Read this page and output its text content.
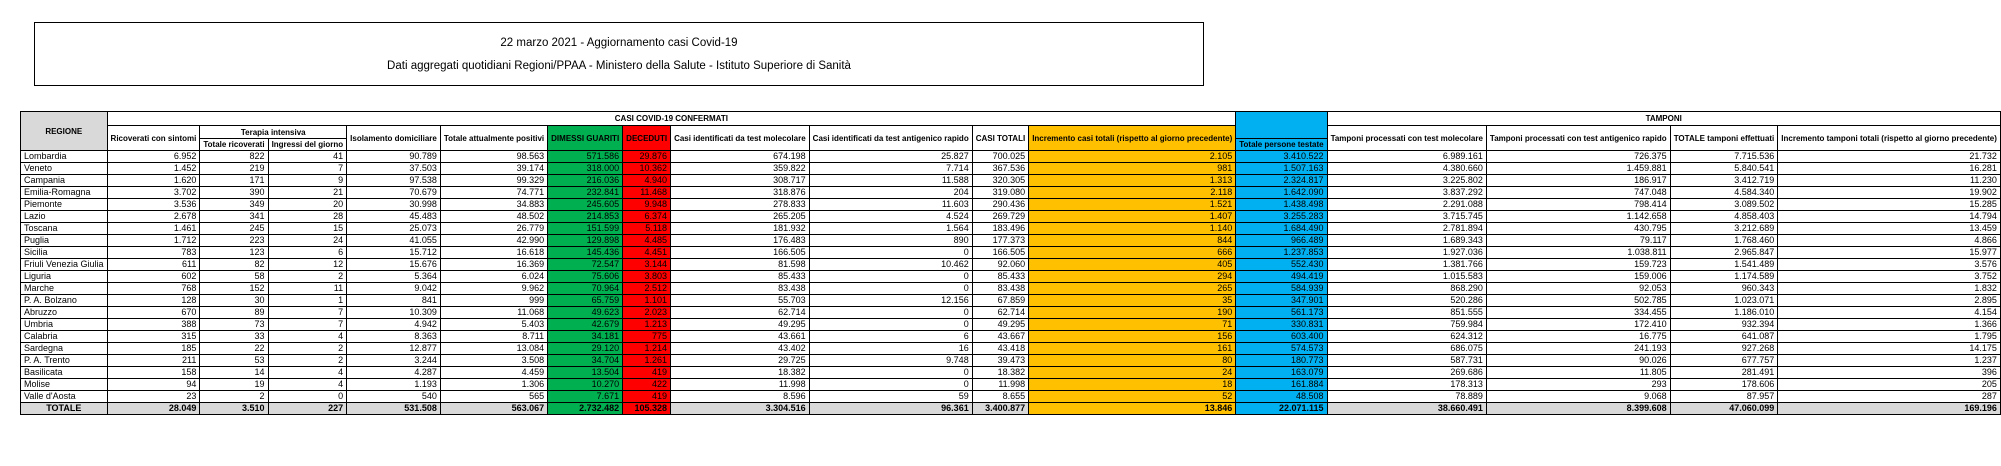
22 marzo 2021 - Aggiornamento casi Covid-19
Dati aggregati quotidiani Regioni/PPAA - Ministero della Salute - Istituto Superiore di Sanità
REGIONE	CASI COVID-19 CONFERMATI												TAMPONI			
	Ricoverati con sintomi	Terapia intensiva		Isolamento domiciliare	Totale attualmente positivi	DIMESSI GUARITI	DECEDUTI	Casi identificati da test molecolare	Casi identificati da test antigenico rapido	CASI TOTALI	Incremento casi totali (rispetto al giorno precedente)		Tamponi processati con test molecolare	Tamponi processati con test antigenico rapido	TOTALE tamponi effettuati	Incremento tamponi totali (rispetto al giorno precedente)
		Totale ricoverati	Ingressi del giorno									Totale persone testate				
Lombardia	6.952	822	41	90.789	98.563	571.586	29.876	674.198	25.827	700.025	2.105	3.410.522	6.989.161	726.375	7.715.536	21.732
Veneto	1.452	219	7	37.503	39.174	318.000	10.362	359.822	7.714	367.536	981	1.507.163	4.380.660	1.459.881	5.840.541	16.281
Campania	1.620	171	9	97.538	99.329	216.036	4.940	308.717	11.588	320.305	1.313	2.324.817	3.225.802	186.917	3.412.719	11.230
Emilia-Romagna	3.702	390	21	70.679	74.771	232.841	11.468	318.876	204	319.080	2.118	1.642.090	3.837.292	747.048	4.584.340	19.902
Piemonte	3.536	349	20	30.998	34.883	245.605	9.948	278.833	11.603	290.436	1.521	1.438.498	2.291.088	798.414	3.089.502	15.285
Lazio	2.678	341	28	45.483	48.502	214.853	6.374	265.205	4.524	269.729	1.407	3.255.283	3.715.745	1.142.658	4.858.403	14.794
Toscana	1.461	245	15	25.073	26.779	151.599	5.118	181.932	1.564	183.496	1.140	1.684.490	2.781.894	430.795	3.212.689	13.459
Puglia	1.712	223	24	41.055	42.990	129.898	4.485	176.483	890	177.373	844	966.489	1.689.343	79.117	1.768.460	4.866
Sicilia	783	123	6	15.712	16.618	145.436	4.451	166.505	0	166.505	666	1.237.853	1.927.036	1.038.811	2.965.847	15.977
Friuli Venezia Giulia	611	82	12	15.676	16.369	72.547	3.144	81.598	10.462	92.060	405	552.430	1.381.766	159.723	1.541.489	3.576
Liguria	602	58	2	5.364	6.024	75.606	3.803	85.433	0	85.433	294	494.419	1.015.583	159.006	1.174.589	3.752
Marche	768	152	11	9.042	9.962	70.964	2.512	83.438	0	83.438	265	584.939	868.290	92.053	960.343	1.832
P. A. Bolzano	128	30	1	841	999	65.759	1.101	55.703	12.156	67.859	35	347.901	520.286	502.785	1.023.071	2.895
Abruzzo	670	89	7	10.309	11.068	49.623	2.023	62.714	0	62.714	190	561.173	851.555	334.455	1.186.010	4.154
Umbria	388	73	7	4.942	5.403	42.679	1.213	49.295	0	49.295	71	330.831	759.984	172.410	932.394	1.366
Calabria	315	33	4	8.363	8.711	34.181	775	43.661	6	43.667	156	603.400	624.312	16.775	641.087	1.795
Sardegna	185	22	2	12.877	13.084	29.120	1.214	43.402	16	43.418	161	574.573	686.075	241.193	927.268	14.175
P. A. Trento	211	53	2	3.244	3.508	34.704	1.261	29.725	9.748	39.473	80	180.773	587.731	90.026	677.757	1.237
Basilicata	158	14	4	4.287	4.459	13.504	419	18.382	0	18.382	24	163.079	269.686	11.805	281.491	396
Molise	94	19	4	1.193	1.306	10.270	422	11.998	0	11.998	18	161.884	178.313	293	178.606	205
Valle d'Aosta	23	2	0	540	565	7.671	419	8.596	59	8.655	52	48.508	78.889	9.068	87.957	287
TOTALE	28.049	3.510	227	531.508	563.067	2.732.482	105.328	3.304.516	96.361	3.400.877	13.846	22.071.115	38.660.491	8.399.608	47.060.099	169.196
